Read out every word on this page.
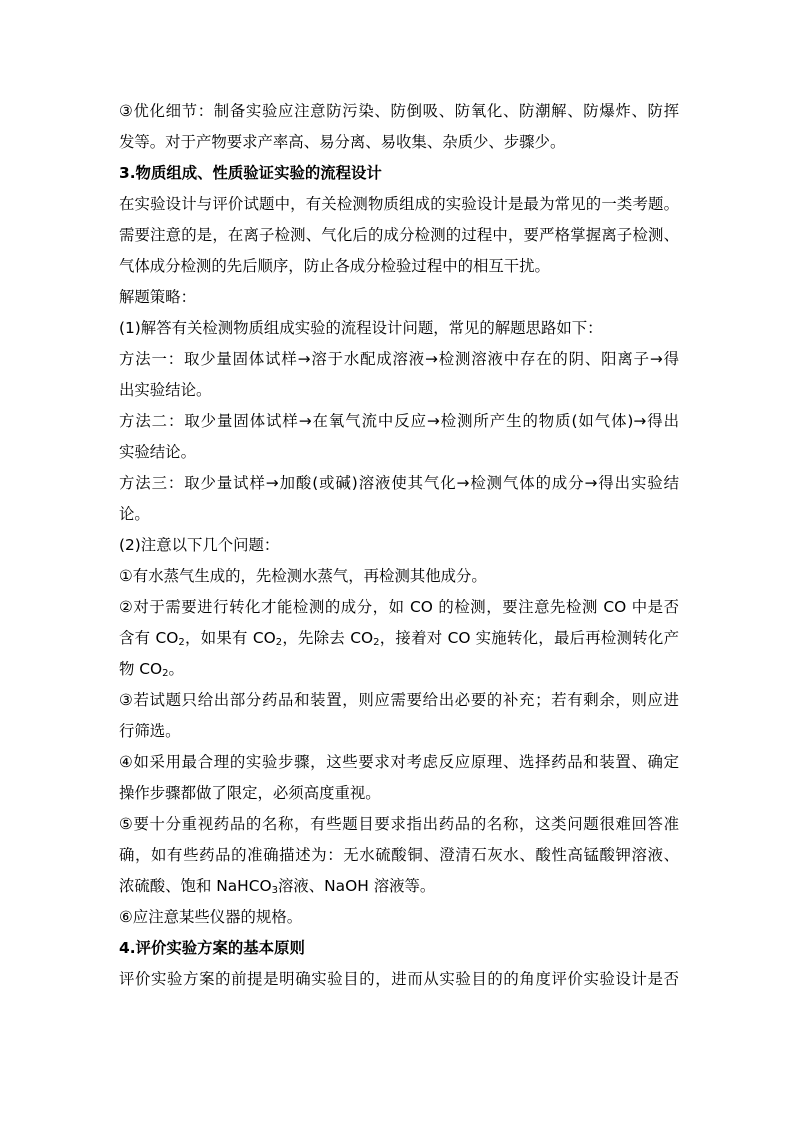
③优化细节：制备实验应注意防污染、防倒吸、防氧化、防潮解、防爆炸、防挥
发等。对于产物要求产率高、易分离、易收集、杂质少、步骤少。
3.物质组成、性质验证实验的流程设计
在实验设计与评价试题中，有关检测物质组成的实验设计是最为常见的一类考题。
需要注意的是，在离子检测、气化后的成分检测的过程中，要严格掌握离子检测、
气体成分检测的先后顺序，防止各成分检验过程中的相互干扰。
解题策略：
(1)解答有关检测物质组成实验的流程设计问题，常见的解题思路如下：
方法一：取少量固体试样→溶于水配成溶液→检测溶液中存在的阴、阳离子→得
出实验结论。
方法二：取少量固体试样→在氧气流中反应→检测所产生的物质(如气体)→得出
实验结论。
方法三：取少量试样→加酸(或碱)溶液使其气化→检测气体的成分→得出实验结
论。
(2)注意以下几个问题：
①有水蒸气生成的，先检测水蒸气，再检测其他成分。
②对于需要进行转化才能检测的成分，如 CO 的检测，要注意先检测 CO 中是否
含有 $CO_2$，如果有 $CO_2$，先除去 $CO_2$，接着对 CO 实施转化，最后再检测转化产
物 $CO_2$。
③若试题只给出部分药品和装置，则应需要给出必要的补充；若有剩余，则应进
行筛选。
④如采用最合理的实验步骤，这些要求对考虑反应原理、选择药品和装置、确定
操作步骤都做了限定，必须高度重视。
⑤要十分重视药品的名称，有些题目要求指出药品的名称，这类问题很难回答准
确，如有些药品的准确描述为：无水硫酸铜、澄清石灰水、酸性高锰酸钾溶液、
浓硫酸、饱和 NaHCO$_3$溶液、NaOH 溶液等。
⑥应注意某些仪器的规格。
4.评价实验方案的基本原则
评价实验方案的前提是明确实验目的，进而从实验目的的角度评价实验设计是否
